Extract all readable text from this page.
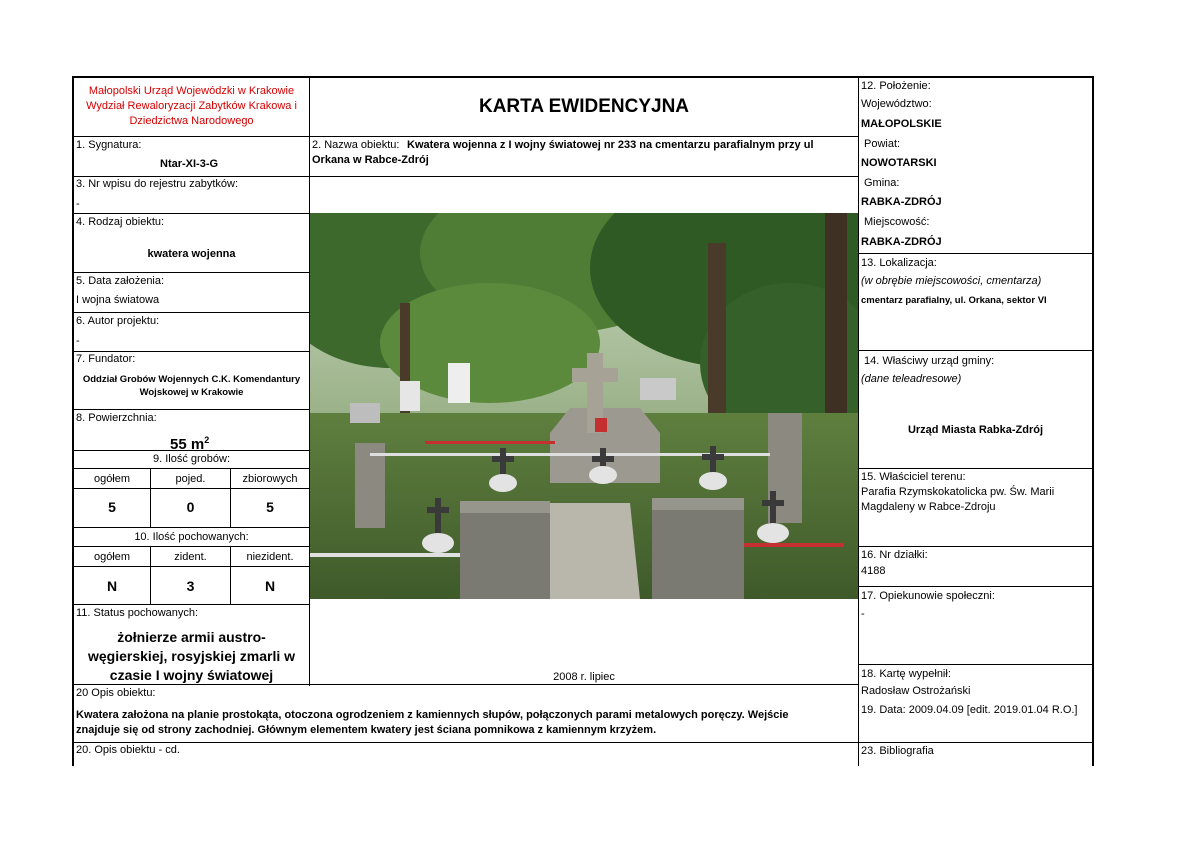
Małopolski Urząd Wojewódzki w Krakowie
Wydział Rewaloryzacji Zabytków Krakowa i
Dziedzictwa Narodowego
KARTA EWIDENCYJNA
1. Sygnatura:
Ntar-XI-3-G
2. Nazwa obiektu: Kwatera wojenna z I wojny światowej nr 233 na cmentarzu parafialnym przy ul
Orkana w Rabce-Zdrój
3. Nr wpisu do rejestru zabytków:
-
4. Rodzaj obiektu:
kwatera wojenna
5. Data założenia:
I wojna światowa
6. Autor projektu:
-
7. Fundator:
Oddział Grobów Wojennych C.K. Komendantury
Wojskowej w Krakowie
8. Powierzchnia:
55 $m^2$
9. Ilość grobów:
ogółem	pojed.	zbiorowych
5	0	5
10. Ilość pochowanych:
ogółem	zident.	niezident.
N	3	N
11. Status pochowanych:
żołnierze armii austro-
węgierskiej, rosyjskiej zmarli w
czasie I wojny światowej	2008 r. lipiec
20 Opis obiektu:
Kwatera założona na planie prostokąta, otoczona ogrodzeniem z kamiennych słupów, połączonych parami metalowych poręczy. Wejście
znajduje się od strony zachodniej. Głównym elementem kwatery jest ściana pomnikowa z kamiennym krzyżem.
20. Opis obiektu - cd.
12. Położenie:
Województwo:
MAŁOPOLSKIE
Powiat:
NOWOTARSKI
Gmina:
RABKA-ZDRÓJ
Miejscowość:
RABKA-ZDRÓJ
13. Lokalizacja:
(w obrębie miejscowości, cmentarza)
cmentarz parafialny, ul. Orkana, sektor VI
14. Właściwy urząd gminy:
(dane teleadresowe)
Urząd Miasta Rabka-Zdrój
15. Właściciel terenu:
Parafia Rzymskokatolicka pw. Św. Marii
Magdaleny w Rabce-Zdroju
16. Nr działki:
4188
17. Opiekunowie społeczni:
-
18. Kartę wypełnił:
Radosław Ostrożański
19. Data: 2009.04.09 [edit. 2019.01.04 R.O.]
23. Bibliografia
